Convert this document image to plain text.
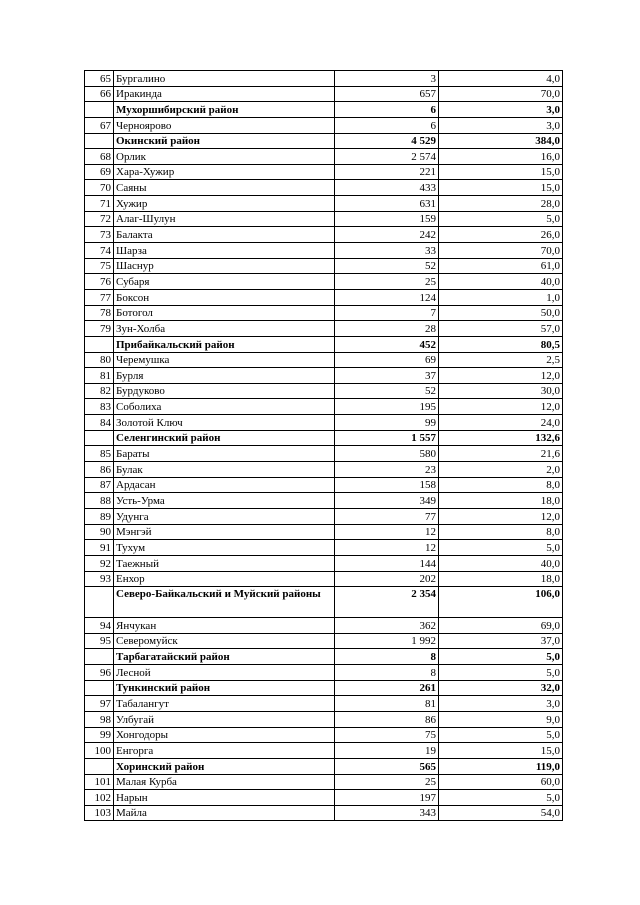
65	Бургалино	3	4,0
66	Иракинда	657	70,0
	Мухоршибирский район	6	3,0
67	Черноярово	6	3,0
	Окинский район	4 529	384,0
68	Орлик	2 574	16,0
69	Хара-Хужир	221	15,0
70	Саяны	433	15,0
71	Хужир	631	28,0
72	Алаг-Шулун	159	5,0
73	Балакта	242	26,0
74	Шарза	33	70,0
75	Шаснур	52	61,0
76	Субаря	25	40,0
77	Боксон	124	1,0
78	Ботогол	7	50,0
79	Зун-Холба	28	57,0
	Прибайкальский район	452	80,5
80	Черемушка	69	2,5
81	Бурля	37	12,0
82	Бурдуково	52	30,0
83	Соболиха	195	12,0
84	Золотой Ключ	99	24,0
	Селенгинский район	1 557	132,6
85	Бараты	580	21,6
86	Булак	23	2,0
87	Ардасан	158	8,0
88	Усть-Урма	349	18,0
89	Удунга	77	12,0
90	Мэнгэй	12	8,0
91	Тухум	12	5,0
92	Таежный	144	40,0
93	Енхор	202	18,0
	Северо-Байкальский и Муйский районы	2 354	106,0
94	Янчукан	362	69,0
95	Северомуйск	1 992	37,0
	Тарбагатайский район	8	5,0
96	Лесной	8	5,0
	Тункинский район	261	32,0
97	Табалангут	81	3,0
98	Улбугай	86	9,0
99	Хонгодоры	75	5,0
100	Енгорга	19	15,0
	Хоринский район	565	119,0
101	Малая Курба	25	60,0
102	Нарын	197	5,0
103	Майла	343	54,0
